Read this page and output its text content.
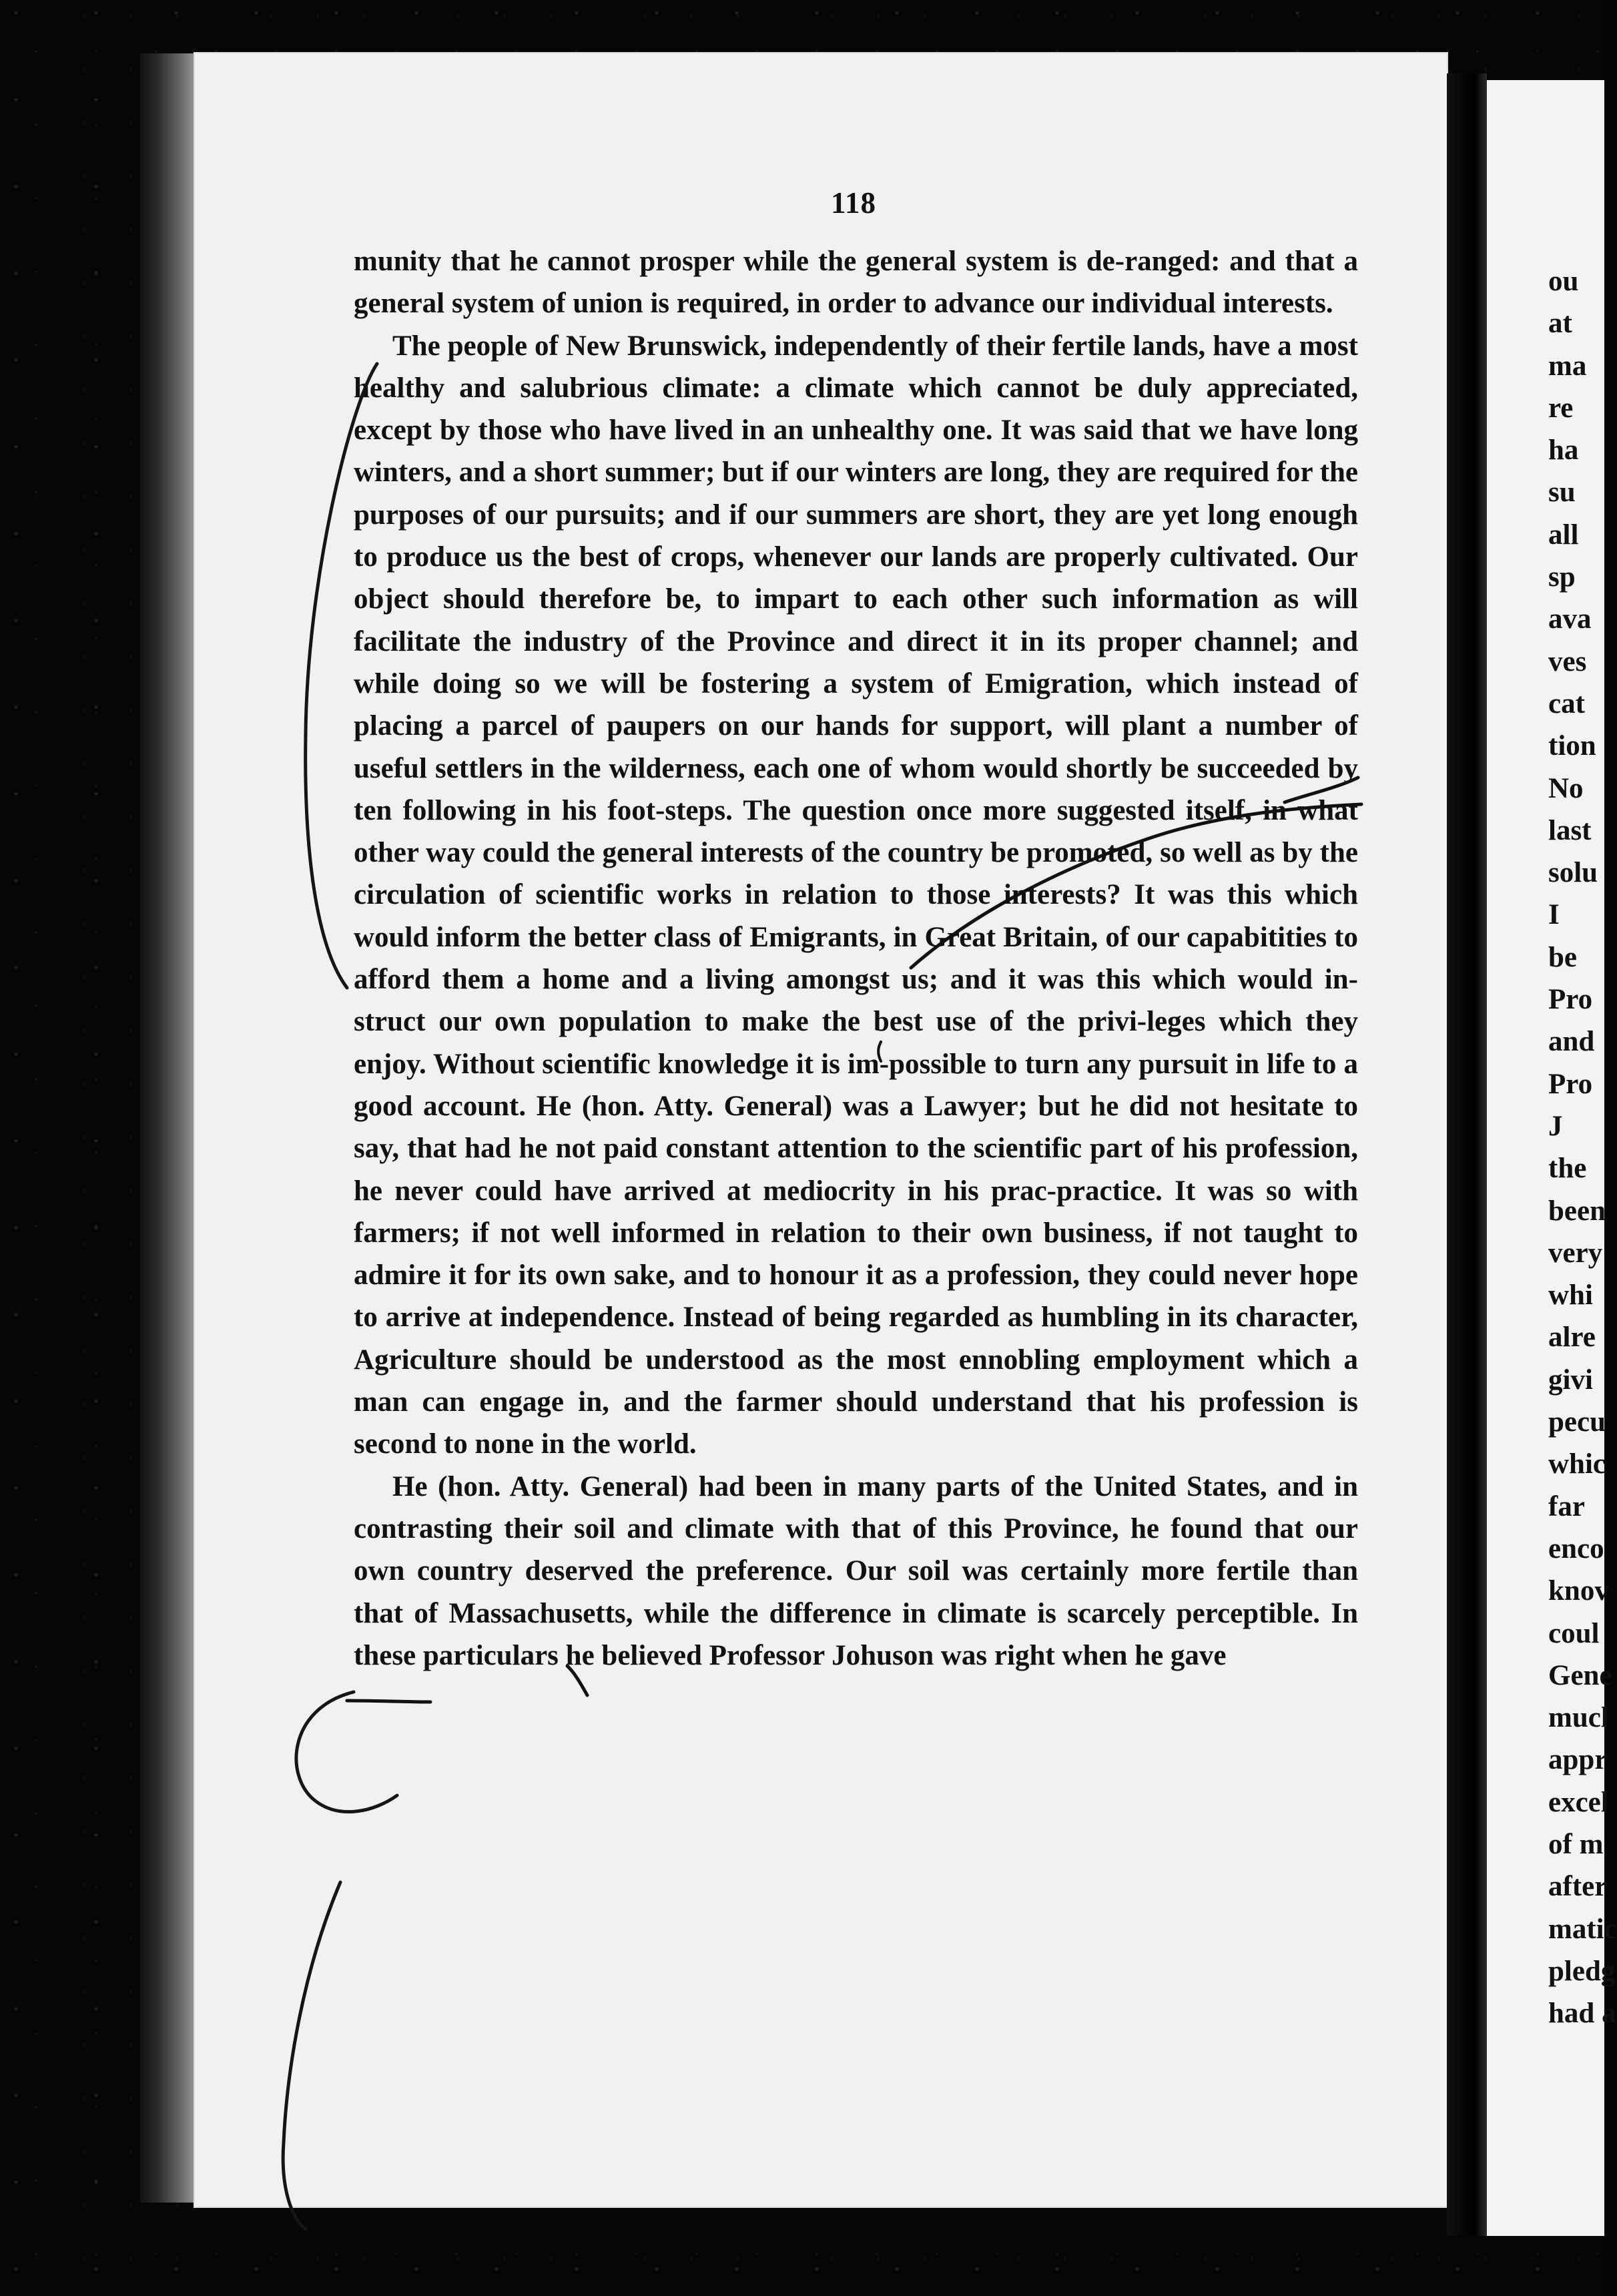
118

munity that he cannot prosper while the general system is de-ranged: and that a general system of union is required, in order to advance our individual interests.

The people of New Brunswick, independently of their fertile lands, have a most healthy and salubrious climate: a climate which cannot be duly appreciated, except by those who have lived in an unhealthy one. It was said that we have long winters, and a short summer; but if our winters are long, they are required for the purposes of our pursuits; and if our summers are short, they are yet long enough to produce us the best of crops, whenever our lands are properly cultivated. Our object should therefore be, to impart to each other such information as will facilitate the industry of the Province and direct it in its proper channel; and while doing so we will be fostering a system of Emigration, which instead of placing a parcel of paupers on our hands for support, will plant a number of useful settlers in the wilderness, each one of whom would shortly be succeeded by ten following in his foot-steps. The question once more suggested itself, in what other way could the general interests of the country be promoted, so well as by the circulation of scientific works in relation to those interests? It was this which would inform the better class of Emigrants, in Great Britain, of our capabitities to afford them a home and a living amongst us; and it was this which would in-struct our own population to make the best use of the privi-leges which they enjoy. Without scientific knowledge it is im-possible to turn any pursuit in life to a good account. He (hon. Atty. General) was a Lawyer; but he did not hesitate to say, that had he not paid constant attention to the scientific part of his profession, he never could have arrived at mediocrity in his prac-practice. It was so with farmers; if not well informed in relation to their own business, if not taught to admire it for its own sake, and to honour it as a profession, they could never hope to arrive at independence. Instead of being regarded as humbling in its character, Agriculture should be understood as the most ennobling employment which a man can engage in, and the farmer should understand that his profession is second to none in the world.

He (hon. Atty. General) had been in many parts of the United States, and in contrasting their soil and climate with that of this Province, he found that our own country deserved the preference. Our soil was certainly more fertile than that of Massachusetts, while the difference in climate is scarcely perceptible. In these particulars he believed Professor Johuson was right when he gave

ou
at
ma
re
ha
su
all
sp
ava
ves
cat
tion
No
last
solu
I
be
Pro
and
Pro
J
the
been
very
whi
alre
givi
pecu
whic
far
enco
knov
coul
Gene
mucl
appr
excel
of m
after
matic
pledg
had a
